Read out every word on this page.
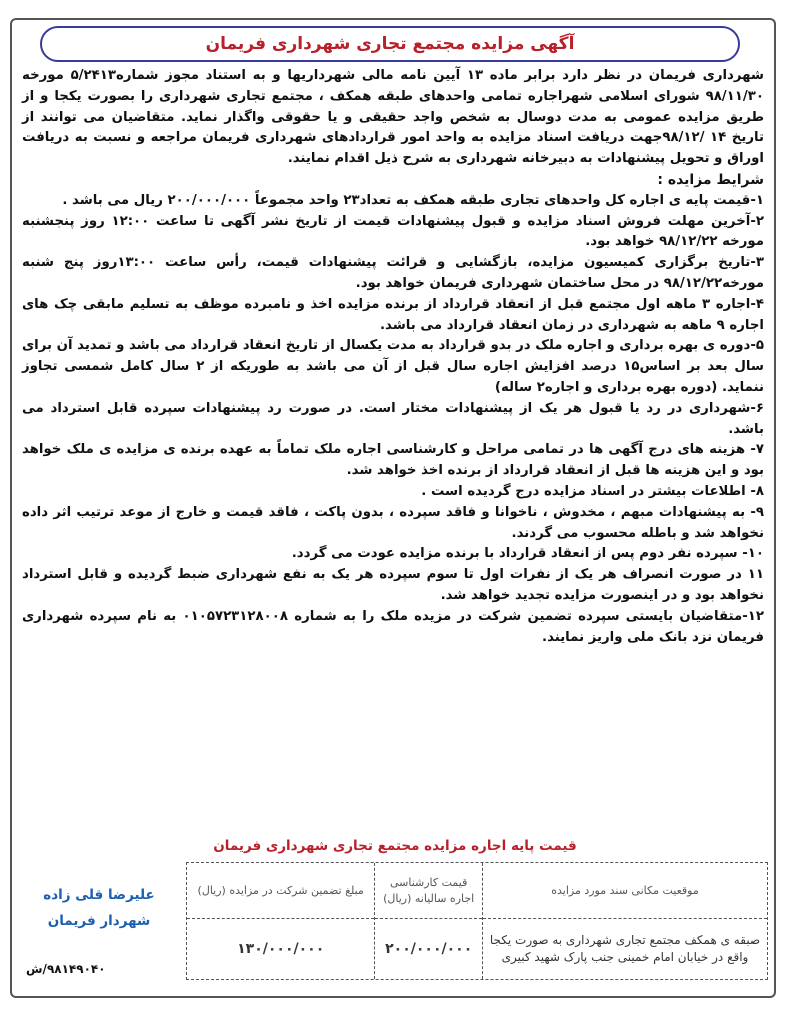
آگهی مزایده مجتمع تجاری شهرداری فریمان

شهرداری فریمان در نظر دارد برابر ماده ۱۳ آیین نامه مالی شهرداریها و به استناد مجوز شماره۵/۲۴۱۳ مورخه ۹۸/۱۱/۳۰ شورای اسلامی شهراجاره تمامی واحدهای طبقه همکف ، مجتمع تجاری شهرداری را بصورت یکجا و از طریق مزایده عمومی به مدت دوسال به شخص واجد حقیقی و یا حقوقی واگذار نماید. متقاضیان می توانند از تاریخ ۱۴ /۹۸/۱۲جهت دریافت اسناد مزایده به واحد امور قراردادهای شهرداری فریمان مراجعه و نسبت به دریافت اوراق و تحویل پیشنهادات به دبیرخانه شهرداری به شرح ذیل اقدام نمایند.

شرایط مزایده :

۱-قیمت پایه ی اجاره کل واحدهای تجاری طبقه همکف به تعداد۲۳ واحد مجموعاً ۲۰۰/۰۰۰/۰۰۰ ریال می باشد .

۲-آخرین مهلت فروش اسناد مزایده و قبول پیشنهادات قیمت از تاریخ نشر آگهی تا ساعت ۱۲:۰۰ روز پنجشنبه مورخه ۹۸/۱۲/۲۲ خواهد بود.

۳-تاریخ برگزاری کمیسیون مزایده، بازگشایی و قرائت پیشنهادات قیمت، رأس ساعت ۱۳:۰۰روز پنج شنبه مورخه۹۸/۱۲/۲۲ در محل ساختمان شهرداری فریمان خواهد بود.

۴-اجاره ۳ ماهه اول مجتمع قبل از انعقاد قرارداد از برنده مزایده اخذ و نامبرده موظف به تسلیم مابقی چک های اجاره ۹ ماهه به شهرداری در زمان انعقاد قرارداد می باشد.

۵-دوره ی بهره برداری و اجاره ملک در بدو قرارداد به مدت یکسال از تاریخ انعقاد قرارداد می باشد و تمدید آن برای سال بعد بر اساس۱۵ درصد افزایش اجاره سال قبل از آن می باشد به طوریکه از ۲ سال کامل شمسی تجاوز ننماید. (دوره بهره برداری و اجاره۲ ساله)

۶-شهرداری در رد یا قبول هر یک از پیشنهادات مختار است. در صورت رد پیشنهادات سپرده قابل استرداد می باشد.

۷- هزینه های درج آگهی ها در تمامی مراحل و کارشناسی اجاره ملک تماماً به عهده برنده ی مزایده ی ملک خواهد بود و این هزینه ها قبل از انعقاد قرارداد از برنده اخذ خواهد شد.

۸- اطلاعات بیشتر در اسناد مزایده درج گردیده است .

۹- به پیشنهادات مبهم ، مخدوش ، ناخوانا و فاقد سپرده ، بدون پاکت ، فاقد قیمت و خارج از موعد ترتیب اثر داده نخواهد شد و باطله محسوب می گردند.

۱۰- سپرده نفر دوم پس از انعقاد قرارداد با برنده مزایده عودت می گردد.

۱۱ در صورت انصراف هر یک از نفرات اول تا سوم سپرده هر یک به نفع شهرداری ضبط گردیده و قابل استرداد نخواهد بود و در اینصورت مزایده تجدید خواهد شد.

۱۲-متقاضیان بایستی سپرده تضمین شرکت در مزیده ملک را به شماره ۰۱۰۵۷۲۳۱۲۸۰۰۸ به نام سپرده شهرداری فریمان نزد بانک ملی واریز نمایند.

قیمت پایه اجاره مزایده مجتمع تجاری شهرداری فریمان
موقعیت مکانی سند مورد مزایده
صبقه ی همکف مجتمع تجاری شهرداری به صورت یکجا واقع در خیابان امام خمینی جنب پارک شهید کبیری
قیمت کارشناسی اجاره سالیانه (ریال)
۲۰۰/۰۰۰/۰۰۰
مبلغ تضمین شرکت در مزایده (ریال)
۱۳۰/۰۰۰/۰۰۰
علیرضا قلی زاده
شهردار فریمان
۹۸۱۴۹۰۴۰/ش
